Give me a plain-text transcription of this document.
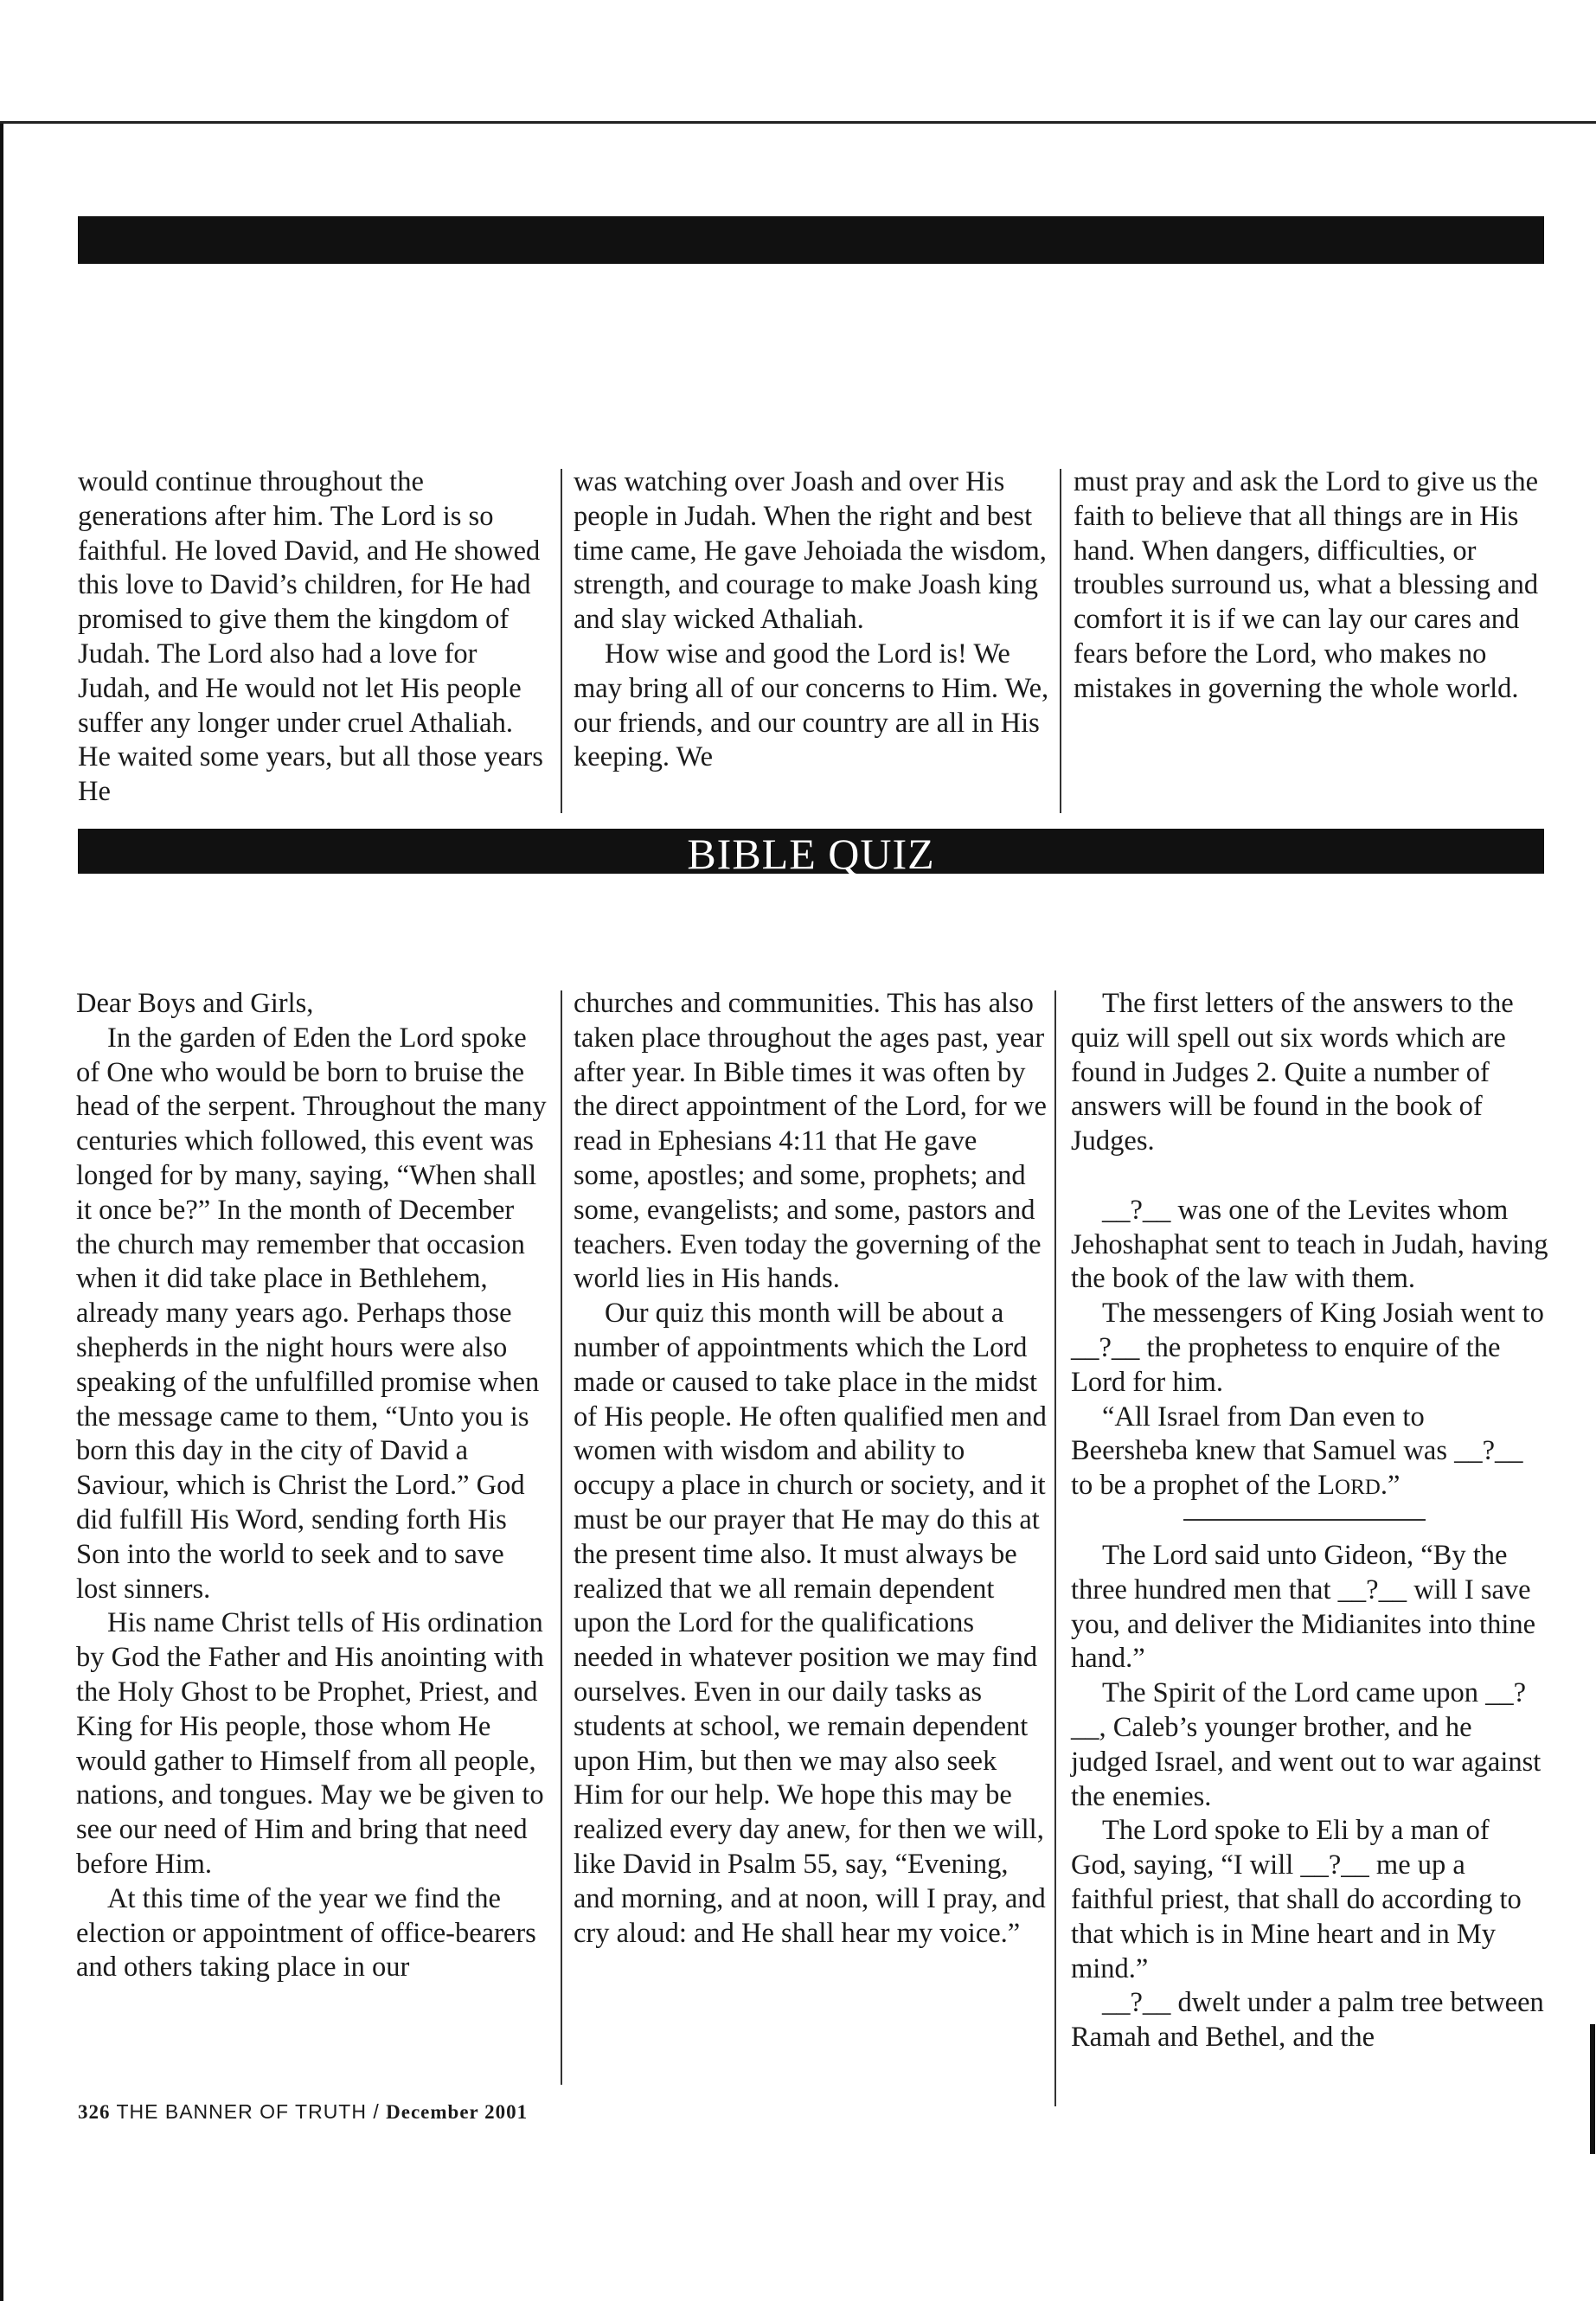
would continue throughout the generations after him. The Lord is so faithful. He loved David, and He showed this love to David’s children, for He had promised to give them the kingdom of Judah. The Lord also had a love for Judah, and He would not let His people suffer any longer under cruel Athaliah. He waited some years, but all those years He

was watching over Joash and over His people in Judah. When the right and best time came, He gave Jehoiada the wisdom, strength, and courage to make Joash king and slay wicked Athaliah.

How wise and good the Lord is! We may bring all of our concerns to Him. We, our friends, and our country are all in His keeping. We

must pray and ask the Lord to give us the faith to believe that all things are in His hand. When dangers, difficulties, or troubles surround us, what a blessing and comfort it is if we can lay our cares and fears before the Lord, who makes no mistakes in governing the whole world.

BIBLE QUIZ

Dear Boys and Girls,

In the garden of Eden the Lord spoke of One who would be born to bruise the head of the serpent. Throughout the many centuries which followed, this event was longed for by many, saying, “When shall it once be?” In the month of December the church may remember that occasion when it did take place in Bethlehem, already many years ago. Perhaps those shepherds in the night hours were also speaking of the unfulfilled promise when the message came to them, “Unto you is born this day in the city of David a Saviour, which is Christ the Lord.” God did fulfill His Word, sending forth His Son into the world to seek and to save lost sinners.

His name Christ tells of His ordination by God the Father and His anointing with the Holy Ghost to be Prophet, Priest, and King for His people, those whom He would gather to Himself from all people, nations, and tongues. May we be given to see our need of Him and bring that need before Him.

At this time of the year we find the election or appointment of office-bearers and others taking place in our

churches and communities. This has also taken place throughout the ages past, year after year. In Bible times it was often by the direct appointment of the Lord, for we read in Ephesians 4:11 that He gave some, apostles; and some, prophets; and some, evangelists; and some, pastors and teachers. Even today the governing of the world lies in His hands.

Our quiz this month will be about a number of appointments which the Lord made or caused to take place in the midst of His people. He often qualified men and women with wisdom and ability to occupy a place in church or society, and it must be our prayer that He may do this at the present time also. It must always be realized that we all remain dependent upon the Lord for the qualifications needed in whatever position we may find ourselves. Even in our daily tasks as students at school, we remain dependent upon Him, but then we may also seek Him for our help. We hope this may be realized every day anew, for then we will, like David in Psalm 55, say, “Evening, and morning, and at noon, will I pray, and cry aloud: and He shall hear my voice.”

The first letters of the answers to the quiz will spell out six words which are found in Judges 2. Quite a number of answers will be found in the book of Judges.

__?__ was one of the Levites whom Jehoshaphat sent to teach in Judah, having the book of the law with them.

The messengers of King Josiah went to __?__ the prophetess to enquire of the Lord for him.

“All Israel from Dan even to Beersheba knew that Samuel was __?__ to be a prophet of the LORD.”

The Lord said unto Gideon, “By the three hundred men that __?__ will I save you, and deliver the Midianites into thine hand.”

The Spirit of the Lord came upon __?__, Caleb’s younger brother, and he judged Israel, and went out to war against the enemies.

The Lord spoke to Eli by a man of God, saying, “I will __?__ me up a faithful priest, that shall do according to that which is in Mine heart and in My mind.”

__?__ dwelt under a palm tree between Ramah and Bethel, and the

326 THE BANNER OF TRUTH / December 2001
